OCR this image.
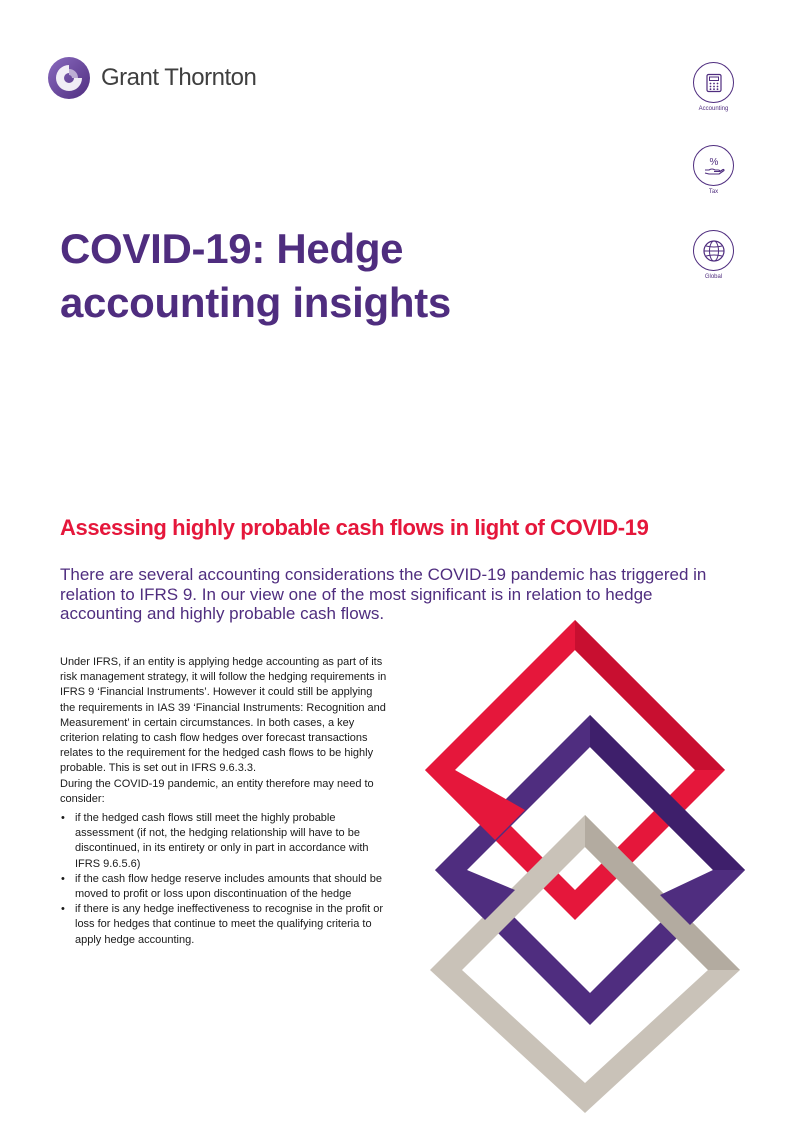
Grant Thornton
Accounting
%
Tax
Global
COVID-19: Hedge
accounting insights
Assessing highly probable cash flows in light of COVID-19

There are several accounting considerations the COVID-19 pandemic has triggered in relation to IFRS 9. In our view one of the most significant is in relation to hedge accounting and highly probable cash flows.

Under IFRS, if an entity is applying hedge accounting as part of its risk management strategy, it will follow the hedging requirements in IFRS 9 ‘Financial Instruments’. However it could still be applying the requirements in IAS 39 ‘Financial Instruments: Recognition and Measurement’ in certain circumstances. In both cases, a key criterion relating to cash flow hedges over forecast transactions relates to the requirement for the hedged cash flows to be highly probable. This is set out in IFRS 9.6.3.3.

During the COVID-19 pandemic, an entity therefore may need to consider:

• if the hedged cash flows still meet the highly probable assessment (if not, the hedging relationship will have to be discontinued, in its entirety or only in part in accordance with IFRS 9.6.5.6)
• if the cash flow hedge reserve includes amounts that should be moved to profit or loss upon discontinuation of the hedge
• if there is any hedge ineffectiveness to recognise in the profit or loss for hedges that continue to meet the qualifying criteria to apply hedge accounting.
